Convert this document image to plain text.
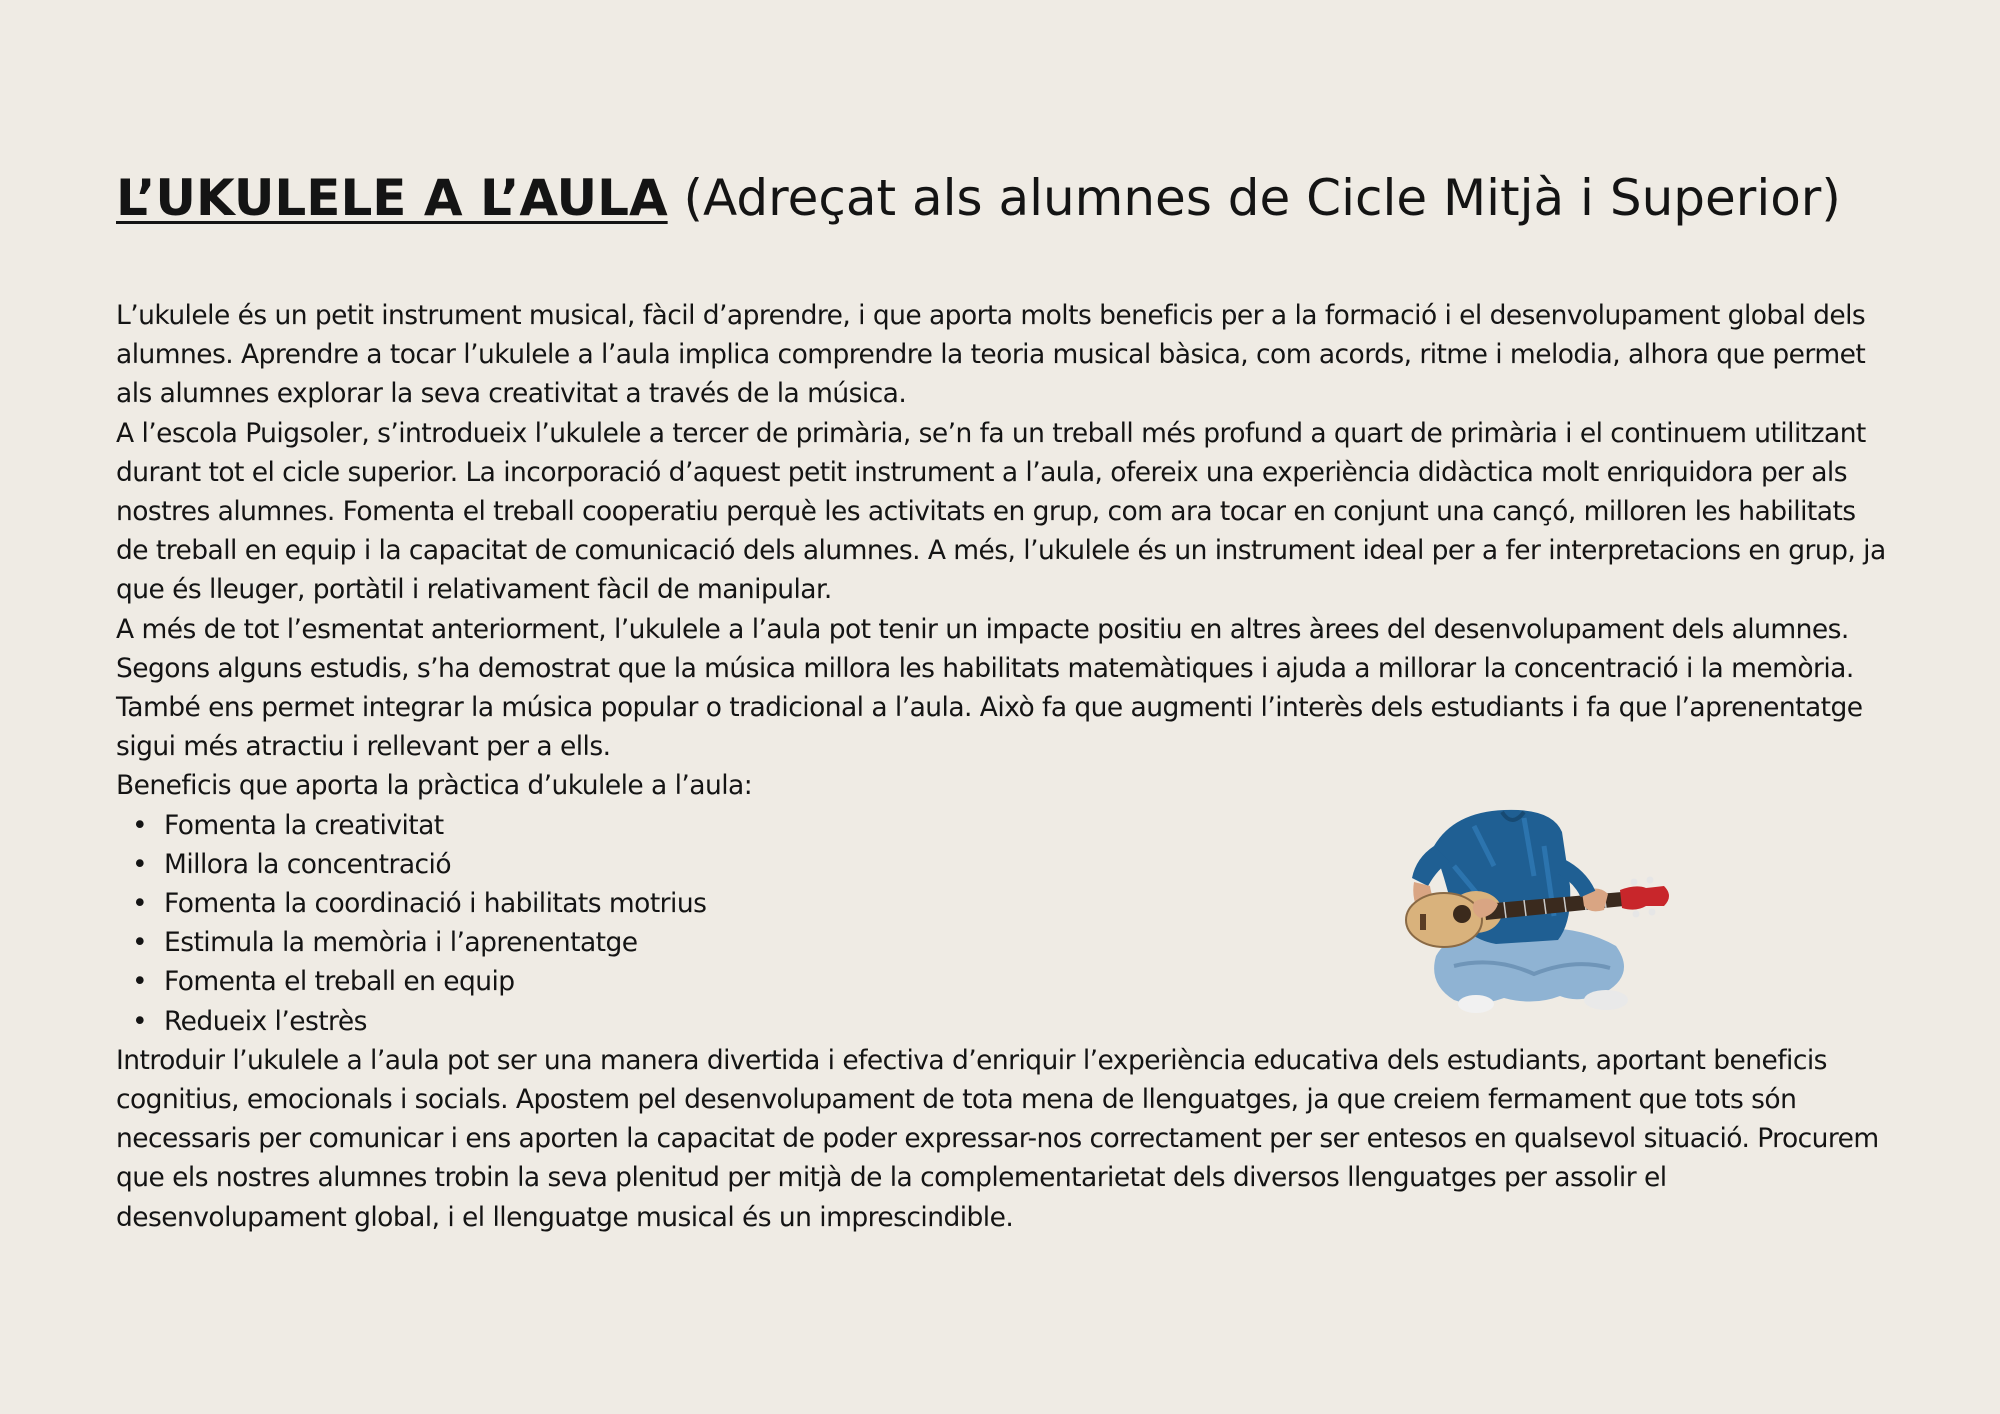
L’UKULELE A L’AULA (Adreçat als alumnes de Cicle Mitjà i Superior)

L’ukulele és un petit instrument musical, fàcil d’aprendre, i que aporta molts beneficis per a la formació i el desenvolupament global dels alumnes. Aprendre a tocar l’ukulele a l’aula implica comprendre la teoria musical bàsica, com acords, ritme i melodia, alhora que permet als alumnes explorar la seva creativitat a través de la música.

A l’escola Puigsoler, s’introdueix l’ukulele a tercer de primària, se’n fa un treball més profund a quart de primària i el continuem utilitzant durant tot el cicle superior. La incorporació d’aquest petit instrument a l’aula, ofereix una experiència didàctica molt enriquidora per als nostres alumnes. Fomenta el treball cooperatiu perquè les activitats en grup, com ara tocar en conjunt una cançó, milloren les habilitats de treball en equip i la capacitat de comunicació dels alumnes. A més, l’ukulele és un instrument ideal per a fer interpretacions en grup, ja que és lleuger, portàtil i relativament fàcil de manipular.

A més de tot l’esmentat anteriorment, l’ukulele a l’aula pot tenir un impacte positiu en altres àrees del desenvolupament dels alumnes. Segons alguns estudis, s’ha demostrat que la música millora les habilitats matemàtiques i ajuda a millorar la concentració i la memòria.

També ens permet integrar la música popular o tradicional a l’aula. Això fa que augmenti l’interès dels estudiants i fa que l’aprenentatge sigui més atractiu i rellevant per a ells.

Beneficis que aporta la pràctica d’ukulele a l’aula:

• Fomenta la creativitat
• Millora la concentració
• Fomenta la coordinació i habilitats motrius
• Estimula la memòria i l’aprenentatge
• Fomenta el treball en equip
• Redueix l’estrès

Introduir l’ukulele a l’aula pot ser una manera divertida i efectiva d’enriquir l’experiència educativa dels estudiants, aportant beneficis cognitius, emocionals i socials. Apostem pel desenvolupament de tota mena de llenguatges, ja que creiem fermament que tots són necessaris per comunicar i ens aporten la capacitat de poder expressar-nos correctament per ser entesos en qualsevol situació. Procurem que els nostres alumnes trobin la seva plenitud per mitjà de la complementarietat dels diversos llenguatges per assolir el desenvolupament global, i el llenguatge musical és un imprescindible.
